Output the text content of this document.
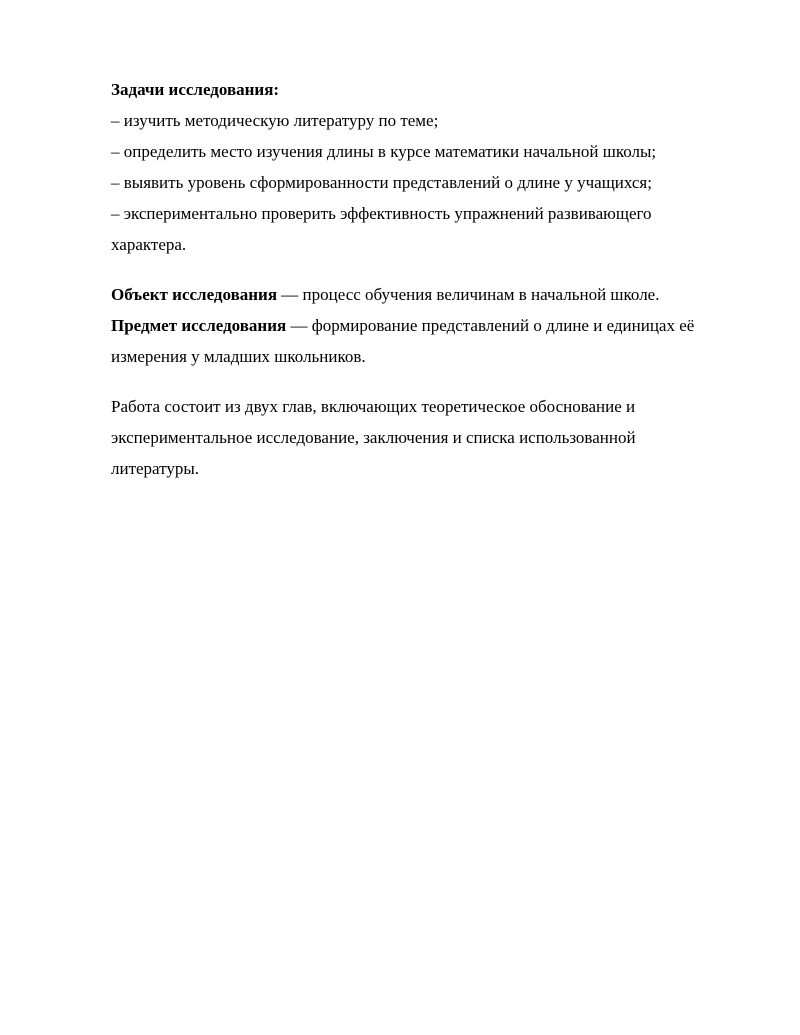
Задачи исследования:
– изучить методическую литературу по теме;
– определить место изучения длины в курсе математики начальной школы;
– выявить уровень сформированности представлений о длине у учащихся;
– экспериментально проверить эффективность упражнений развивающего
характера.
Объект исследования — процесс обучения величинам в начальной школе.
Предмет исследования — формирование представлений о длине и единицах её
измерения у младших школьников.
Работа состоит из двух глав, включающих теоретическое обоснование и
экспериментальное исследование, заключения и списка использованной
литературы.
